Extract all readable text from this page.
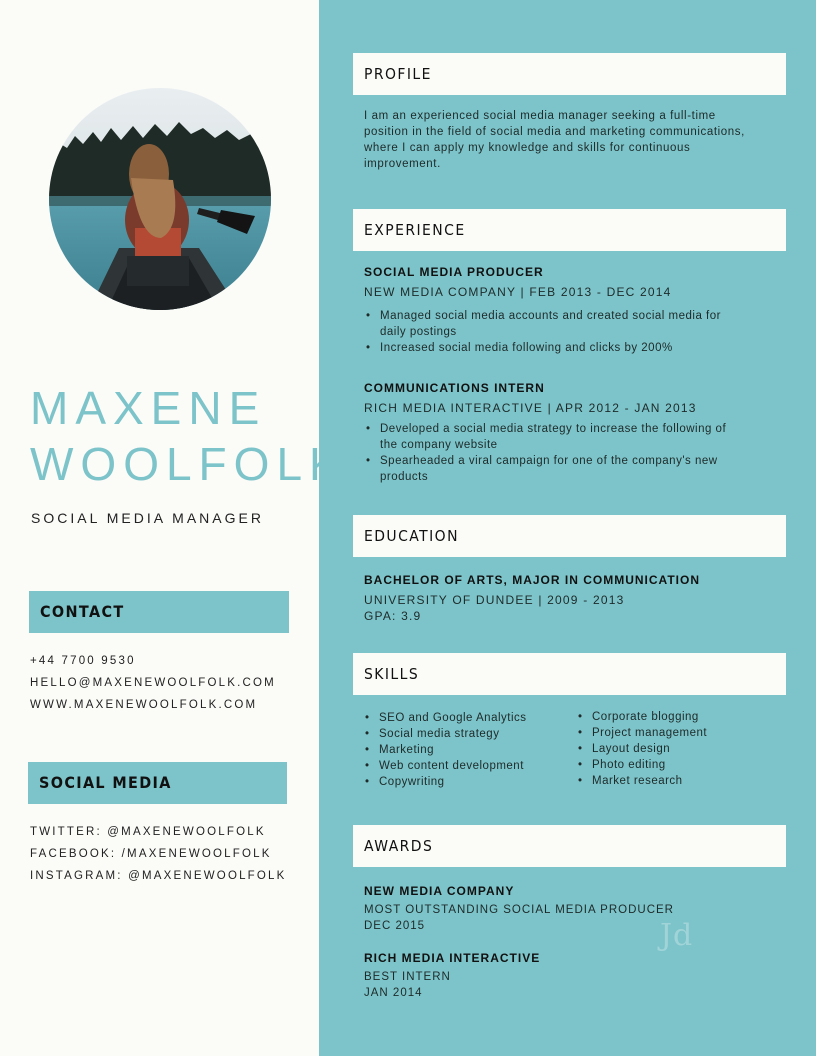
MAXENE
WOOLFOLK
SOCIAL MEDIA MANAGER
CONTACT
+44 7700 9530
HELLO@MAXENEWOOLFOLK.COM
WWW.MAXENEWOOLFOLK.COM
SOCIAL MEDIA
TWITTER: @MAXENEWOOLFOLK
FACEBOOK: /MAXENEWOOLFOLK
INSTAGRAM: @MAXENEWOOLFOLK
PROFILE
I am an experienced social media manager seeking a full-time
position in the field of social media and marketing communications,
where I can apply my knowledge and skills for continuous
improvement.
EXPERIENCE
SOCIAL MEDIA PRODUCER
NEW MEDIA COMPANY | FEB 2013 - DEC 2014
• Managed social media accounts and created social media for
daily postings
• Increased social media following and clicks by 200%
COMMUNICATIONS INTERN
RICH MEDIA INTERACTIVE | APR 2012 - JAN 2013
• Developed a social media strategy to increase the following of
the company website
• Spearheaded a viral campaign for one of the company's new
products
EDUCATION
BACHELOR OF ARTS, MAJOR IN COMMUNICATION
UNIVERSITY OF DUNDEE | 2009 - 2013
GPA: 3.9
SKILLS
• SEO and Google Analytics
• Social media strategy
• Marketing
• Web content development
• Copywriting
• Corporate blogging
• Project management
• Layout design
• Photo editing
• Market research
AWARDS
NEW MEDIA COMPANY
MOST OUTSTANDING SOCIAL MEDIA PRODUCER
DEC 2015
RICH MEDIA INTERACTIVE
BEST INTERN
JAN 2014
Jd
